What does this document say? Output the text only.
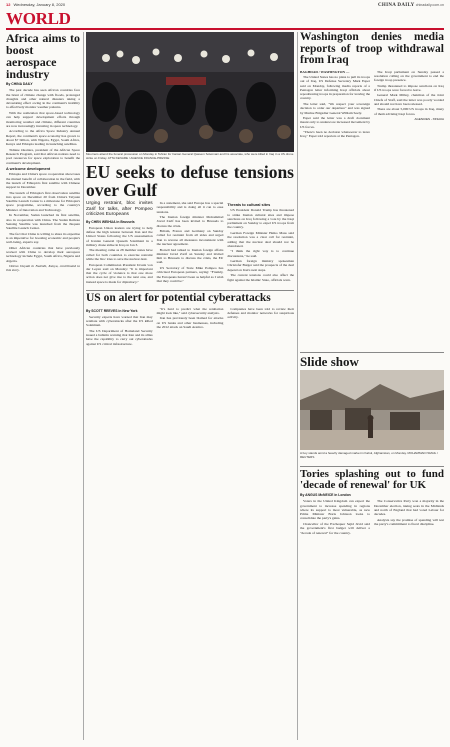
12 Wednesday, January 8, 2020	CHINA DAILY chinadaily.com.cn
WORLD
Africa aims to boost aerospace industry
By CHINA DAILY

The past decade has seen African countries face the brunt of climate change with floods, prolonged droughts and other natural disasters taking a devastating effect owing in the continent's inability to effectively monitor weather patterns.

With the realization that space-based technology can help support development efforts through monitoring weather and climate, different countries are now increasingly investing in space technology.

According to the Africa Space Industry Annual Report, the continent's space economy has grown to about $7 billion, with Nigeria, Egypt, South Africa, Kenya and Ethiopia leading in launching satellites.

Tidiane Ouattara, president of the African Space Research Program, said that African nations need to pool resources for space exploration to benefit the continent's development.

A welcome development

Ethiopia and China's space cooperation showcases the mutual benefit of collaboration in the field, with the launch of Ethiopia's first satellite with Chinese support in December.

The launch of Ethiopia's first observation satellite into space on December 20 from China's Taiyuan Satellite Launch Center is a milestone for Ethiopia's space programme, according to the country's Minister of Innovation and Technology.

In November, Sudan launched its first satellite, also in cooperation with China. The Sudan Remote Sensing Satellite was launched from the Jiuquan Satellite Launch Center.

The fact that China is willing to share its expertise is an imperative for boosting economic and people's well-being, experts say.

Other African countries that have previously worked with China to develop their aerospace technology include Egypt, South Africa, Nigeria and Algeria.

Otieno Ouyaki in Nairobi, Kenya, contributed to this story.

Mourners attend the funeral procession on Monday in Tehran for Iranian General Qassem Soleimani and his associate, who were killed in Iraq in a US drone strike on Friday. ATTA KENARE / AGENCE FRANCE-PRESSE
EU seeks to defuse tensions over Gulf
Urging restraint, bloc invites Zarif for talks, after Pompeo criticizes Europeans
By CHEN WEIHUA in Brussels

European Union leaders are trying to help defuse the high tension between Iran and the United States following the US assassination of Iranian General Qassem Soleimani in a military drone strike in Iraq on Jan 3.

The meeting came as 28 member states have called for both countries to exercise restraint while the bloc tries to save the nuclear deal.

European Commission President Ursula von der Leyen said on Monday: "It is important that the cycle of violence is that one more action does not give rise to the next one, and instead space is made for diplomacy."

In a statement, she said Europe has a special responsibility and is doing all it can to ease tensions.

The Iranian foreign minister Mohammad Javad Zarif has been invited to Brussels to discuss the crisis.

Britain, France and Germany on Sunday called for restraint from all sides and urged Iran to reverse all measures inconsistent with the nuclear agreement.

Borrell had talked to Iranian foreign affairs minister Javad Zarif on Sunday and invited him to Brussels to discuss the crisis, the EU said.

US Secretary of State Mike Pompeo has criticized European partners, saying: "Frankly, the Europeans haven't been as helpful as I wish that they could be."

Threats to cultural sites

US President Donald Trump has threatened to strike Iranian cultural sites and impose sanctions on Iraq following a vote by the Iraqi parliament on Sunday to expel US troops from the country.

German Foreign Minister Heiko Maas said the resolution was a clear call for restraint, adding that the nuclear deal should not be abandoned.

"I think the right way is to continue discussions," he said.

German foreign ministry spokesman Christofer Burger said the prospects of the deal depend on Iran's next steps.

The current tensions could also affect the fight against the Islamic State, officials warn.

US on alert for potential cyberattacks
By SCOTT REEVES in New York

Security experts have warned that Iran may retaliate with cyberattacks after the US killed Soleimani.

The US Department of Homeland Security issued a bulletin warning that Iran and its allies have the capability to carry out cyberattacks against US critical infrastructure.

"It's hard to predict what the retaliation might look like," said cybersecurity analysts.

Iran has previously been blamed for attacks on US banks and other businesses, including the 2012 attack on Saudi Aramco.

Companies have been told to review their defenses and monitor networks for suspicious activity.

Washington denies media reports of troop withdrawal from Iraq

BAGHDAD / WASHINGTON —

The United States has no plans to pull its troops out of Iraq, US Defense Secretary Mark Esper said on Monday, following media reports of a Pentagon letter informing Iraqi officials about repositioning troops in preparation for leaving the country.

The letter said, "We respect your sovereign decision to order our departure" and was signed by Marine Brigadier General William Seely.

Esper said the letter was a draft document meant only to underscore increased movement by US forces.

"There's been no decision whatsoever to leave Iraq," Esper told reporters at the Pentagon.

The Iraqi parliament on Sunday passed a resolution calling on the government to end the foreign troop presence.

Trump threatened to impose sanctions on Iraq if US troops were forced to leave.

General Mark Milley, chairman of the Joint Chiefs of Staff, said the letter was poorly worded and should not have been released.

There are about 5,000 US troops in Iraq, many of them advising Iraqi forces.

AGENCIES - XINHUA

Slide show
A boy stands amid a heavily damaged market in Kabul, Afghanistan, on Monday. MOHAMMAD ISMAIL / REUTERS
Tories splashing out to fund 'decade of renewal' for UK
By ANGUS McNEICE in London

Voters in the United Kingdom can expect the government to increase spending in regions where its support is most vulnerable, as new Prime Minister Boris Johnson looks to consolidate the party's gains.

Chancellor of the Exchequer Sajid Javid said the government's first budget will deliver a "decade of renewal" for the country.

The Conservative Party won a majority in the December election, taking seats in the Midlands and north of England that had voted Labour for decades.

Analysts say the promise of spending will test the party's commitment to fiscal discipline.
